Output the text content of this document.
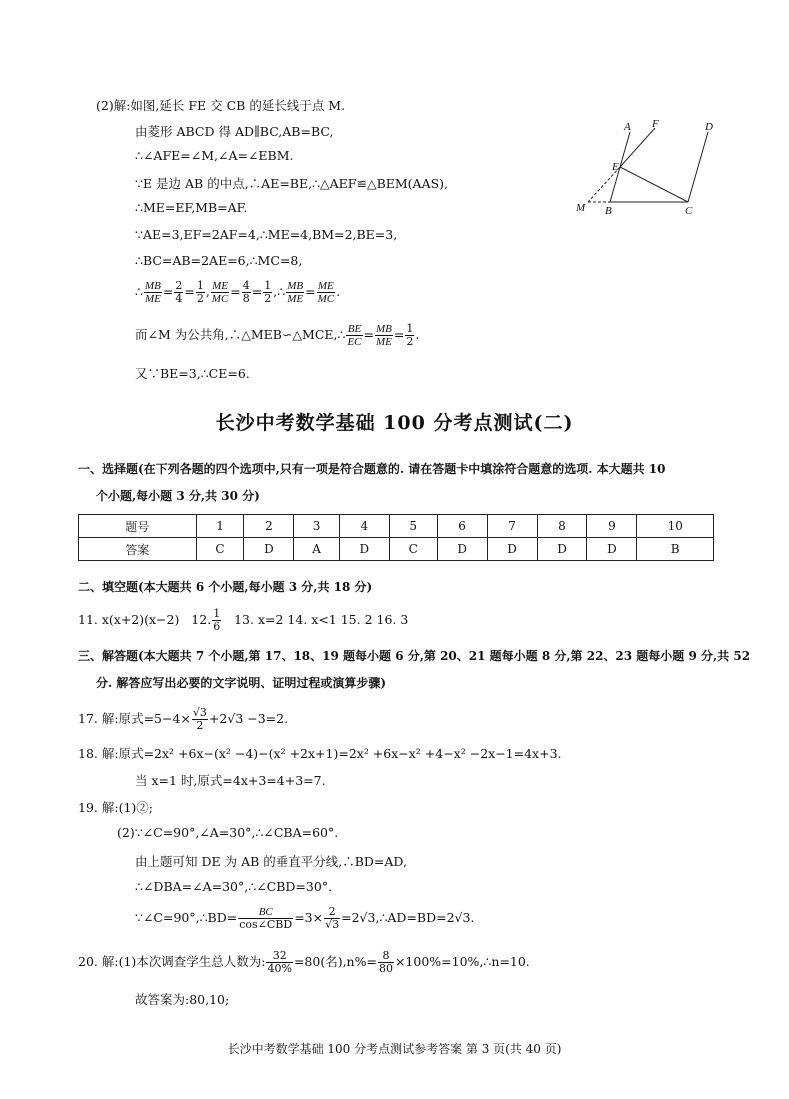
(2)解:如图,延长 FE 交 CB 的延长线于点 M.
由菱形 ABCD 得 AD∥BC,AB=BC,
∴∠AFE=∠M,∠A=∠EBM.
∵E 是边 AB 的中点,∴AE=BE,∴△AEF≌△BEM(AAS),
∴ME=EF,MB=AF.
∵AE=3,EF=2AF=4,∴ME=4,BM=2,BE=3,
∴BC=AB=2AE=6,∴MC=8,
∴ $\frac{MB}{ME} = \frac{2}{4} = \frac{1}{2}$ , $\frac{ME}{MC} = \frac{4}{8} = \frac{1}{2}$ ,∴ $\frac{MB}{ME} = \frac{ME}{MC}$ .
而∠M 为公共角,∴△MEB∽△MCE,∴ $\frac{BE}{EC} = \frac{MB}{ME} = \frac{1}{2}$ .
又∵BE=3,∴CE=6.
A F	D
E
M B	C
长沙中考数学基础 100 分考点测试(二)
一、选择题(在下列各题的四个选项中,只有一项是符合题意的. 请在答题卡中填涂符合题意的选项. 本大题共 10
个小题,每小题 3 分,共 30 分)
题号	1	2	3	4	5	6	7	8	9	10
答案	C	D	A	D	C	D	D	D	D	B
二、填空题(本大题共 6 个小题,每小题 3 分,共 18 分)
11. x(x+2)(x−2) 12. $\frac{1}{6} 13$. x=2 14. x<1 15. 2 16. 3
三、解答题(本大题共 7 个小题,第 17、18、19 题每小题 6 分,第 20、21 题每小题 8 分,第 22、23 题每小题 9 分,共 52
分. 解答应写出必要的文字说明、证明过程或演算步骤)
17. 解:原式$=5-4\times \frac{√3}{2} +2√3 -3=2$.
18. 解:原式=2x² +6x−(x² −4)−(x² +2x+1)=2x² +6x−x² +4−x² −2x−1=4x+3.
当 x=1 时,原式=4x+3=4+3=7.
19. 解:(1)②;
(2)∵∠C=90°,∠A=30°,∴∠CBA=60°.
由上题可知 DE 为 AB 的垂直平分线,∴BD=AD,
∴∠DBA=∠A=30°,∴∠CBD=30°.
∵∠C=90°,∴BD= $\frac{BC}{\text{cos∠CBD}} =3\times \frac{2}{√3}$ =2√3,∴AD=BD=2√3.
20. 解:(1)本次调查学生总人数为: $\frac{32}{40\%} =80$(名)$,n\%= \frac{8}{80}$ ×100%=10%,∴n=10.
故答案为:80,10;
长沙中考数学基础 100 分考点测试参考答案 第 3 页(共 40 页)
